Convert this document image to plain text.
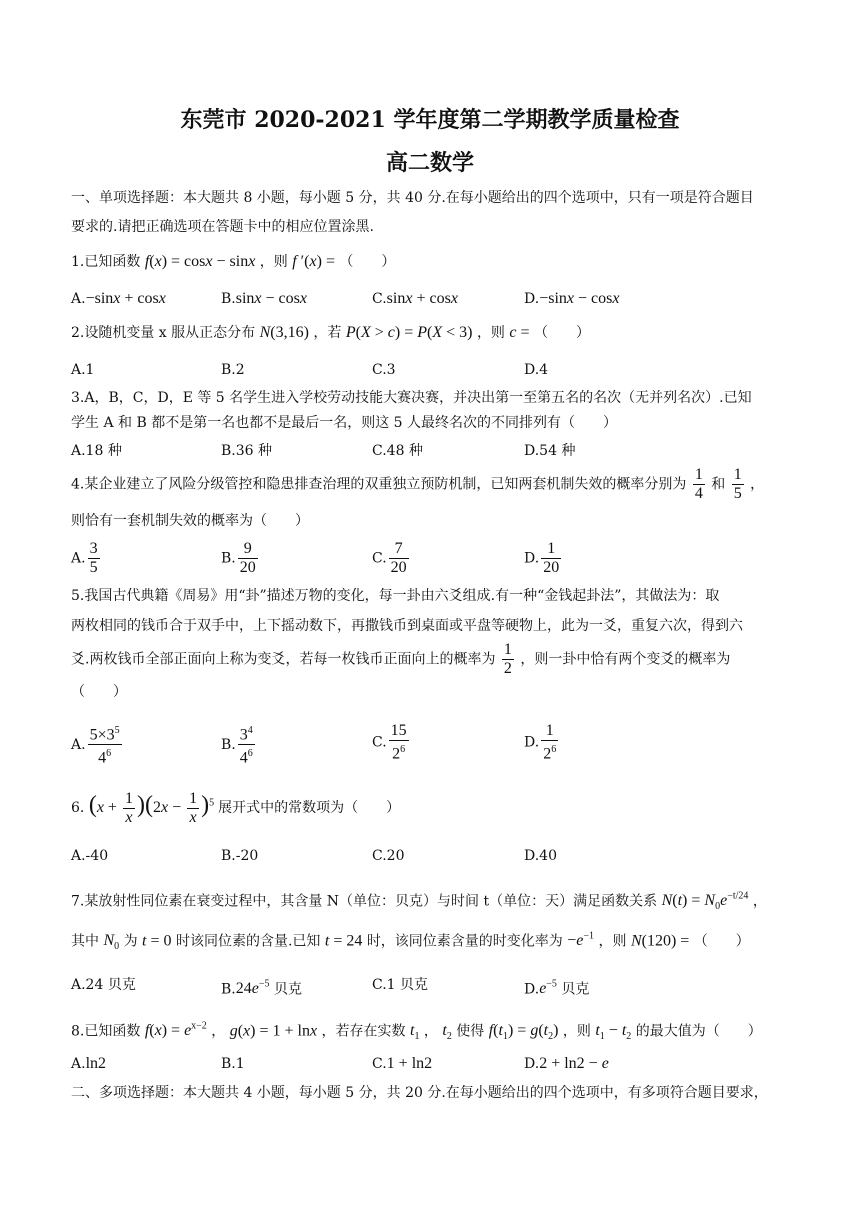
东莞市 2020-2021 学年度第二学期教学质量检查
高二数学
一、单项选择题：本大题共 8 小题，每小题 5 分，共 40 分.在每小题给出的四个选项中，只有一项是符合题目
要求的.请把正确选项在答题卡中的相应位置涂黑.
1.已知函数 f(x) = cosx − sinx ，则 f ′(x) = （　　）
A.−sinx + cosx	B.sinx − cosx	C.sinx + cosx	D.−sinx − cosx
2.设随机变量 x 服从正态分布 N(3,16) ，若 P(X > c) = P(X < 3) ，则 c = （　　）
A.1	B.2	C.3	D.4
3.A，B，C，D，E 等 5 名学生进入学校劳动技能大赛决赛，并决出第一至第五名的名次（无并列名次）.已知
学生 A 和 B 都不是第一名也都不是最后一名，则这 5 人最终名次的不同排列有（　　）
A.18 种	B.36 种	C.48 种	D.54 种
4.某企业建立了风险分级管控和隐患排查治理的双重独立预防机制，已知两套机制失效的概率分别为 $\frac{1}{4}$ 和 $\frac{1}{5}$ ，
则恰有一套机制失效的概率为（　　）
A. $\frac{3}{5}$	B. $\frac{9}{20}$	C. $\frac{7}{20}$	D. $\frac{1}{20}$
5.我国古代典籍《周易》用“卦”描述万物的变化，每一卦由六爻组成.有一种“金钱起卦法”，其做法为：取
两枚相同的钱币合于双手中，上下摇动数下，再撒钱币到桌面或平盘等硬物上，此为一爻，重复六次，得到六
爻.两枚钱币全部正面向上称为变爻，若每一枚钱币正面向上的概率为 $\frac{1}{2}$ ，则一卦中恰有两个变爻的概率为
（　　）
A. $\frac{5\times 3^5}{4^6}$	B. $\frac{3^4}{4^6}$	C. $\frac{15}{2^6}$	D. $\frac{1}{2^6}$
6. $(x + \frac{1}{x} )(2x - \frac{1}{x} )^5$ 展开式中的常数项为（　　）
A.-40	B.-20	C.20	D.40
7.某放射性同位素在衰变过程中，其含量 N（单位：贝克）与时间 t（单位：天）满足函数关系 $N(t) = N_0e^{-t/24}$ ，
其中 $N_0$ 为 t = 0 时该同位素的含量.已知 t = 24 时，该同位素含量的时变化率为 $-e^{-1}$ ，则 N(120) = （　　）
A.24 贝克	$B.24e^{-5}$ 贝克	C.1 贝克	$D.e^{-5}$ 贝克
8.已知函数 $f(x) = e^{x-2}$ ， g(x) = 1 + lnx ，若存在实数 $t_1$ ， $t_2$ 使得 $f(t_1) = g(t_2)$ ，则 $t_1 - t_2$ 的最大值为（　　）
A.ln2	B.1	C.1 + ln2	D.2 + ln2 − e
二、多项选择题：本大题共 4 小题，每小题 5 分，共 20 分.在每小题给出的四个选项中，有多项符合题目要求，
